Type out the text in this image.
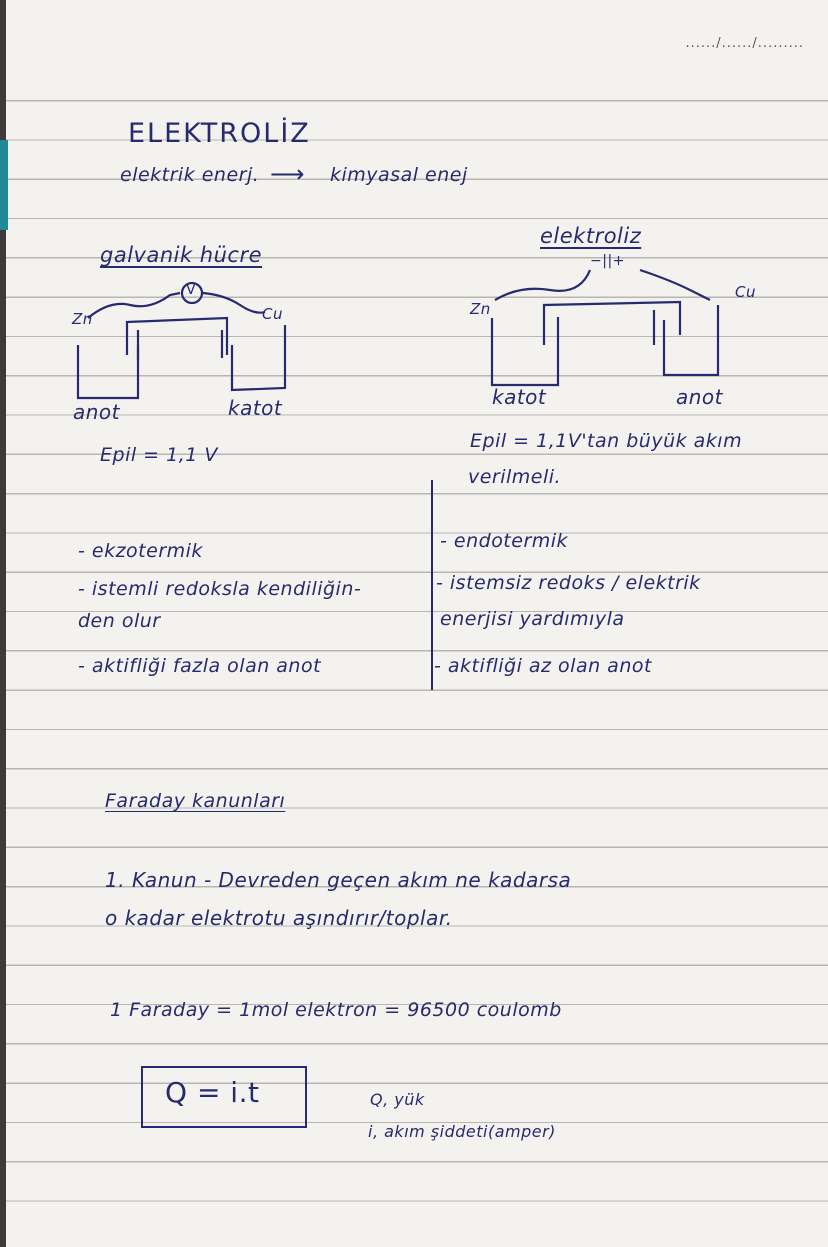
....../....../.........
ELEKTROLİZ
elektrik enerj. ⟶ kimyasal enej
galvanik hücre
Zn	Cu
V
anot	katot
Epil = 1,1 V
elektroliz
−||+
Zn
Cu
katot	anot
Epil = 1,1V'tan büyük akım
verilmeli.
- ekzotermik
- istemli redoksla kendiliğin-
den olur
- aktifliği fazla olan anot
- endotermik
- istemsiz redoks / elektrik
enerjisi yardımıyla
- aktifliği az olan anot
Faraday kanunları
1. Kanun - Devreden geçen akım ne kadarsa
o kadar elektrotu aşındırır/toplar.
1 Faraday = 1mol elektron = 96500 coulomb
Q = i.t	Q, yük
i, akım şiddeti(amper)
